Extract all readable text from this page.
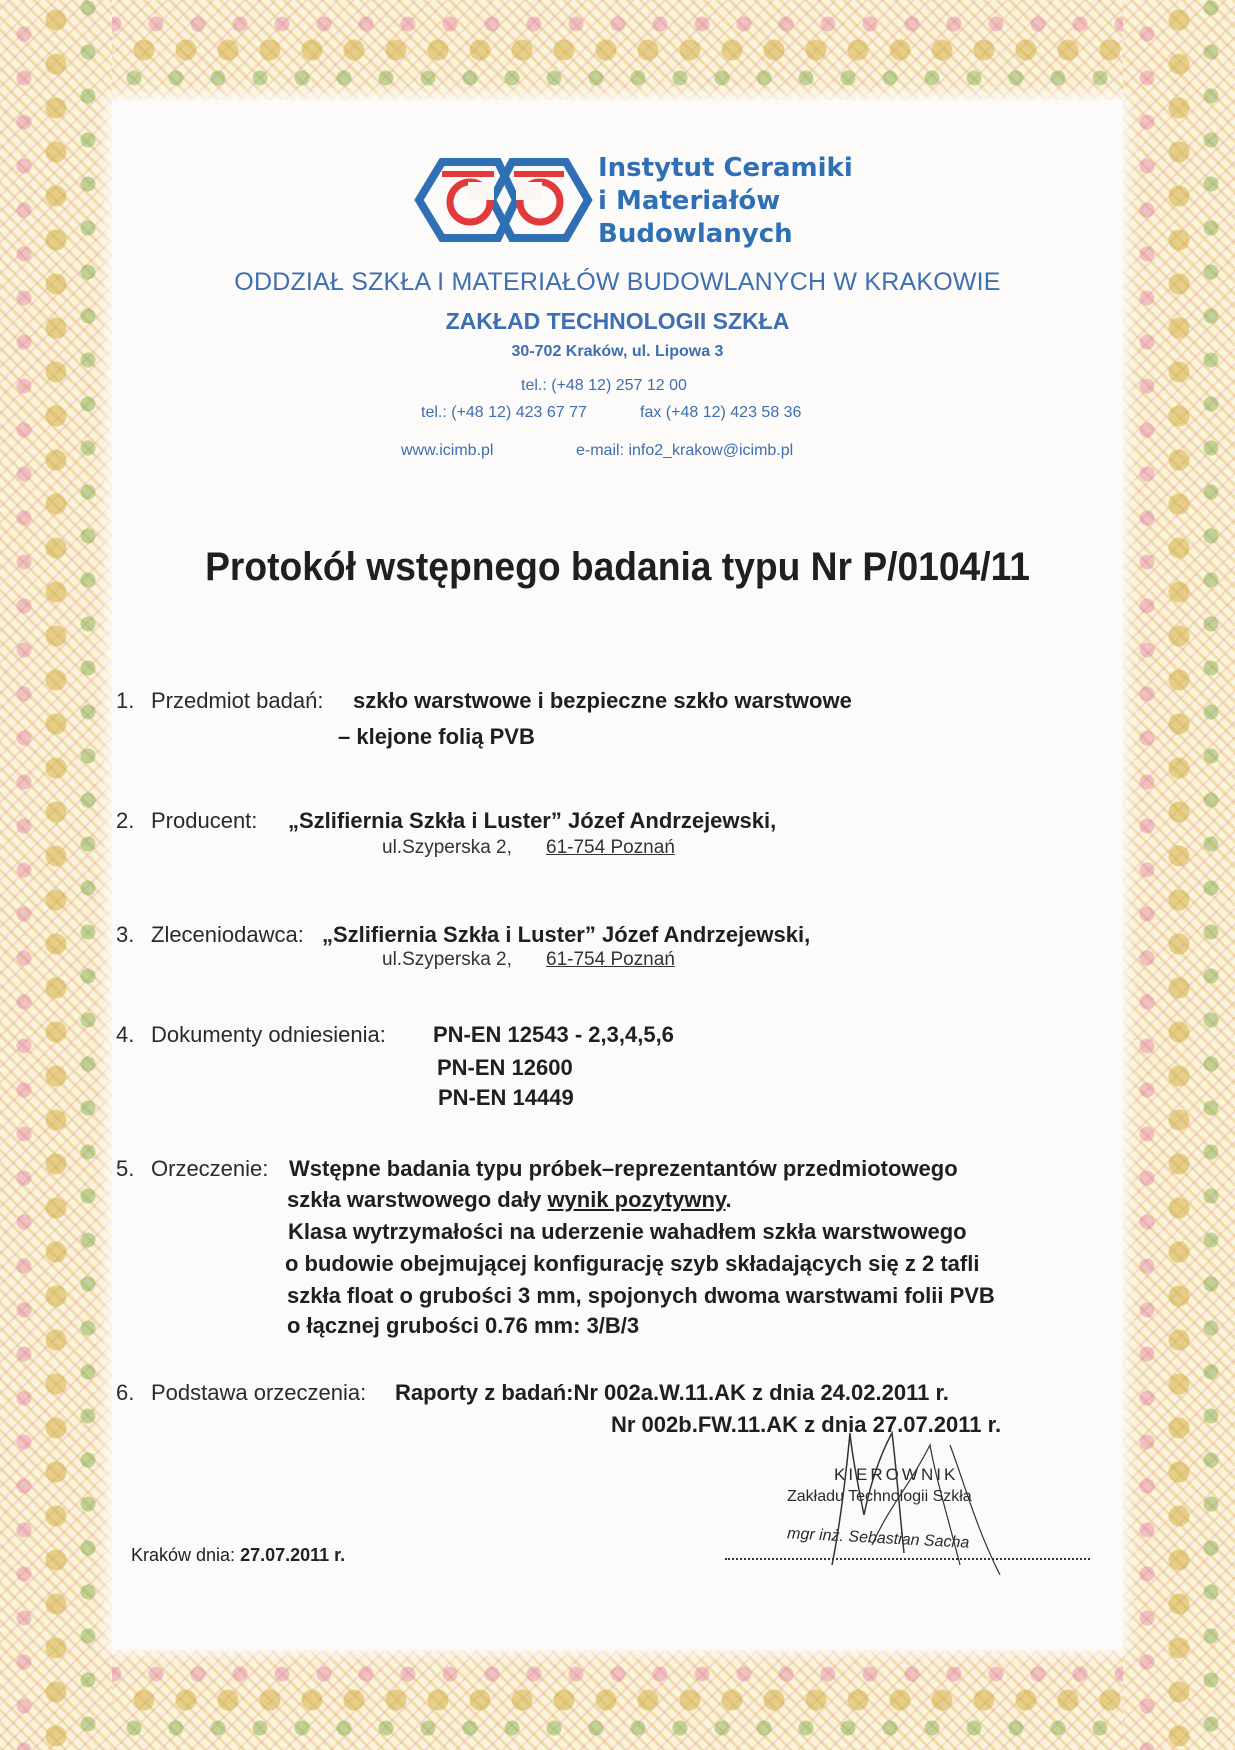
Instytut Ceramiki
i Materiałów
Budowlanych
ODDZIAŁ SZKŁA I MATERIAŁÓW BUDOWLANYCH W KRAKOWIE
ZAKŁAD TECHNOLOGII SZKŁA
30-702 Kraków, ul. Lipowa 3
tel.: (+48 12) 257 12 00
tel.: (+48 12) 423 67 77	fax (+48 12) 423 58 36
www.icimb.pl	e-mail: info2_krakow@icimb.pl
Protokół wstępnego badania typu Nr P/0104/11
1. Przedmiot badań: szkło warstwowe i bezpieczne szkło warstwowe
– klejone folią PVB
2. Producent: „Szlifiernia Szkła i Luster” Józef Andrzejewski,
ul.Szyperska 2, 61-754 Poznań
3. Zleceniodawca: „Szlifiernia Szkła i Luster” Józef Andrzejewski,
ul.Szyperska 2, 61-754 Poznań
4. Dokumenty odniesienia: PN-EN 12543 - 2,3,4,5,6
PN-EN 12600
PN-EN 14449
5. Orzeczenie: Wstępne badania typu próbek–reprezentantów przedmiotowego
szkła warstwowego dały wynik pozytywny.
Klasa wytrzymałości na uderzenie wahadłem szkła warstwowego
o budowie obejmującej konfigurację szyb składających się z 2 tafli
szkła float o grubości 3 mm, spojonych dwoma warstwami folii PVB
o łącznej grubości 0.76 mm: 3/B/3
6. Podstawa orzeczenia: Raporty z badań:Nr 002a.W.11.AK z dnia 24.02.2011 r.
Nr 002b.FW.11.AK z dnia 27.07.2011 r.
Kraków dnia: 27.07.2011 r.
KIEROWNIK
Zakładu Technologii Szkła
mgr inż. Sebastian Sacha
